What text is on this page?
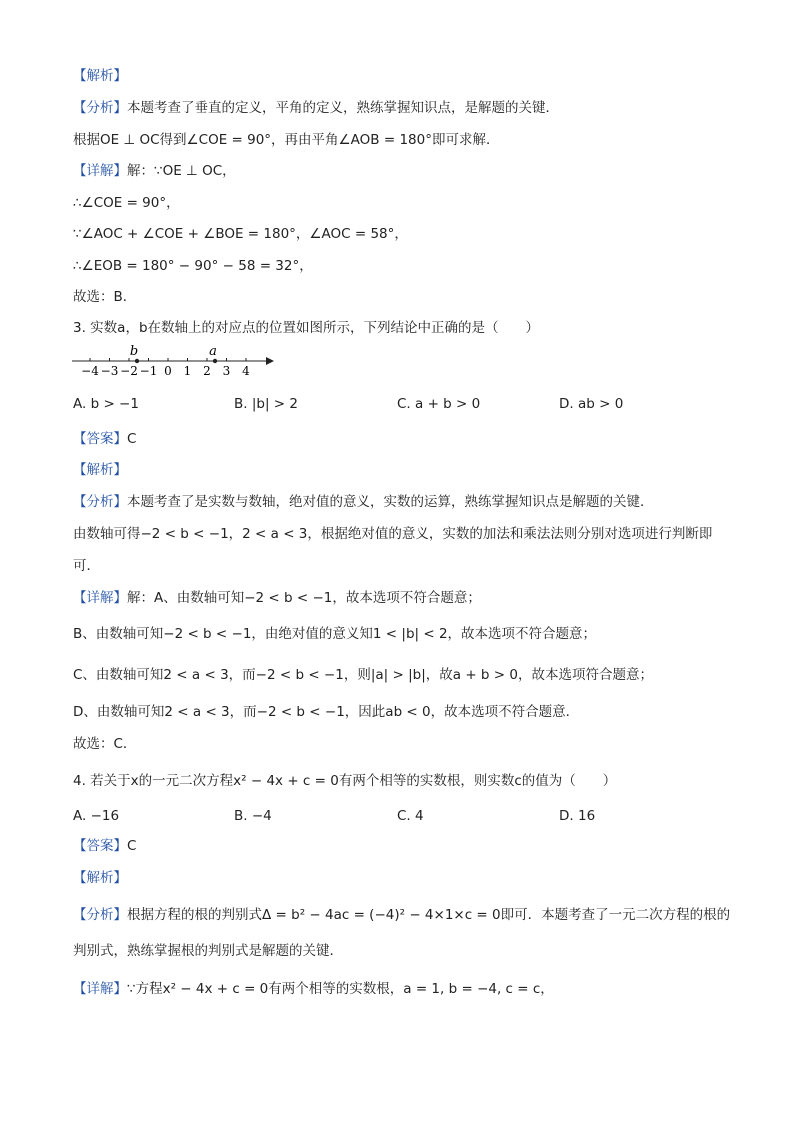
【解析】
【分析】本题考查了垂直的定义，平角的定义，熟练掌握知识点，是解题的关键．
根据OE ⊥ OC得到∠COE = 90°，再由平角∠AOB = 180°即可求解．
【详解】解：∵OE ⊥ OC，
∴∠COE = 90°，
∵∠AOC + ∠COE + ∠BOE = 180°，∠AOC = 58°，
∴∠EOB = 180° − 90° − 58 = 32°，
故选：B．
3. 实数a，b在数轴上的对应点的位置如图所示，下列结论中正确的是（　　）
−4 −3 −2 −1 0 1 2 3 4
b	a
A. b > −1	B. |b| > 2	C. a + b > 0	D. ab > 0
【答案】C
【解析】
【分析】本题考查了是实数与数轴，绝对值的意义，实数的运算，熟练掌握知识点是解题的关键．
由数轴可得−2 < b < −1，2 < a < 3，根据绝对值的意义，实数的加法和乘法法则分别对选项进行判断即
可．
【详解】解：A、由数轴可知−2 < b < −1，故本选项不符合题意；
B、由数轴可知−2 < b < −1，由绝对值的意义知1 < |b| < 2，故本选项不符合题意；
C、由数轴可知2 < a < 3，而−2 < b < −1，则|a| > |b|，故a + b > 0，故本选项符合题意；
D、由数轴可知2 < a < 3，而−2 < b < −1，因此ab < 0，故本选项不符合题意．
故选：C．
4. 若关于x的一元二次方程x² − 4x + c = 0有两个相等的实数根，则实数c的值为（　　）
A. −16	B. −4	C. 4	D. 16
【答案】C
【解析】
【分析】根据方程的根的判别式Δ = b² − 4ac = (−4)² − 4×1×c = 0即可．本题考查了一元二次方程的根的
判别式，熟练掌握根的判别式是解题的关键．
【详解】∵方程x² − 4x + c = 0有两个相等的实数根，a = 1, b = −4, c = c，
